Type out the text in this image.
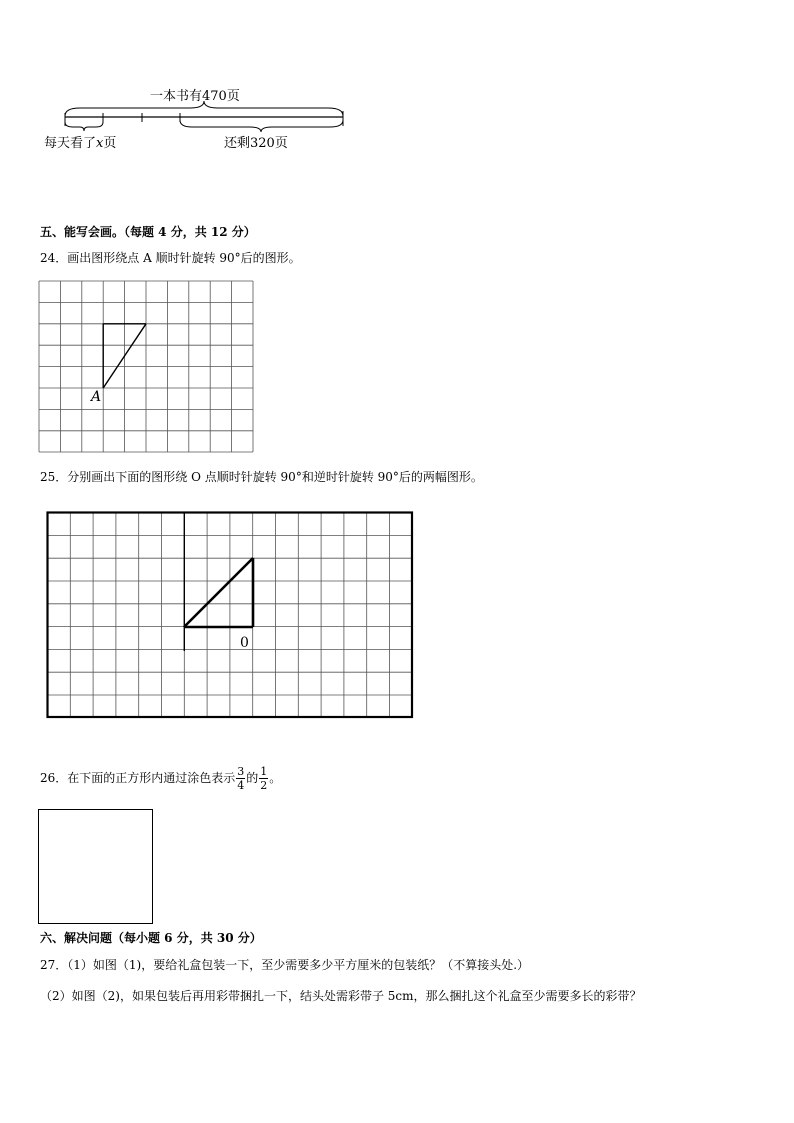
一本书有470页
每天看了x页	还剩320页
五、能写会画。（每题 4 分，共 12 分）
24．画出图形绕点 A 顺时针旋转 90°后的图形。
A
25．分别画出下面的图形绕 O 点顺时针旋转 90°和逆时针旋转 90°后的两幅图形。
0
26．在下面的正方形内通过涂色表示 $\frac{3}{4}$ 的 $\frac{1}{2}$ 。
六、解决问题（每小题 6 分，共 30 分）
27．（1）如图（1)，要给礼盒包装一下，至少需要多少平方厘米的包装纸？（不算接头处.）
（2）如图（2)，如果包装后再用彩带捆扎一下，结头处需彩带子 5cm，那么捆扎这个礼盒至少需要多长的彩带？
